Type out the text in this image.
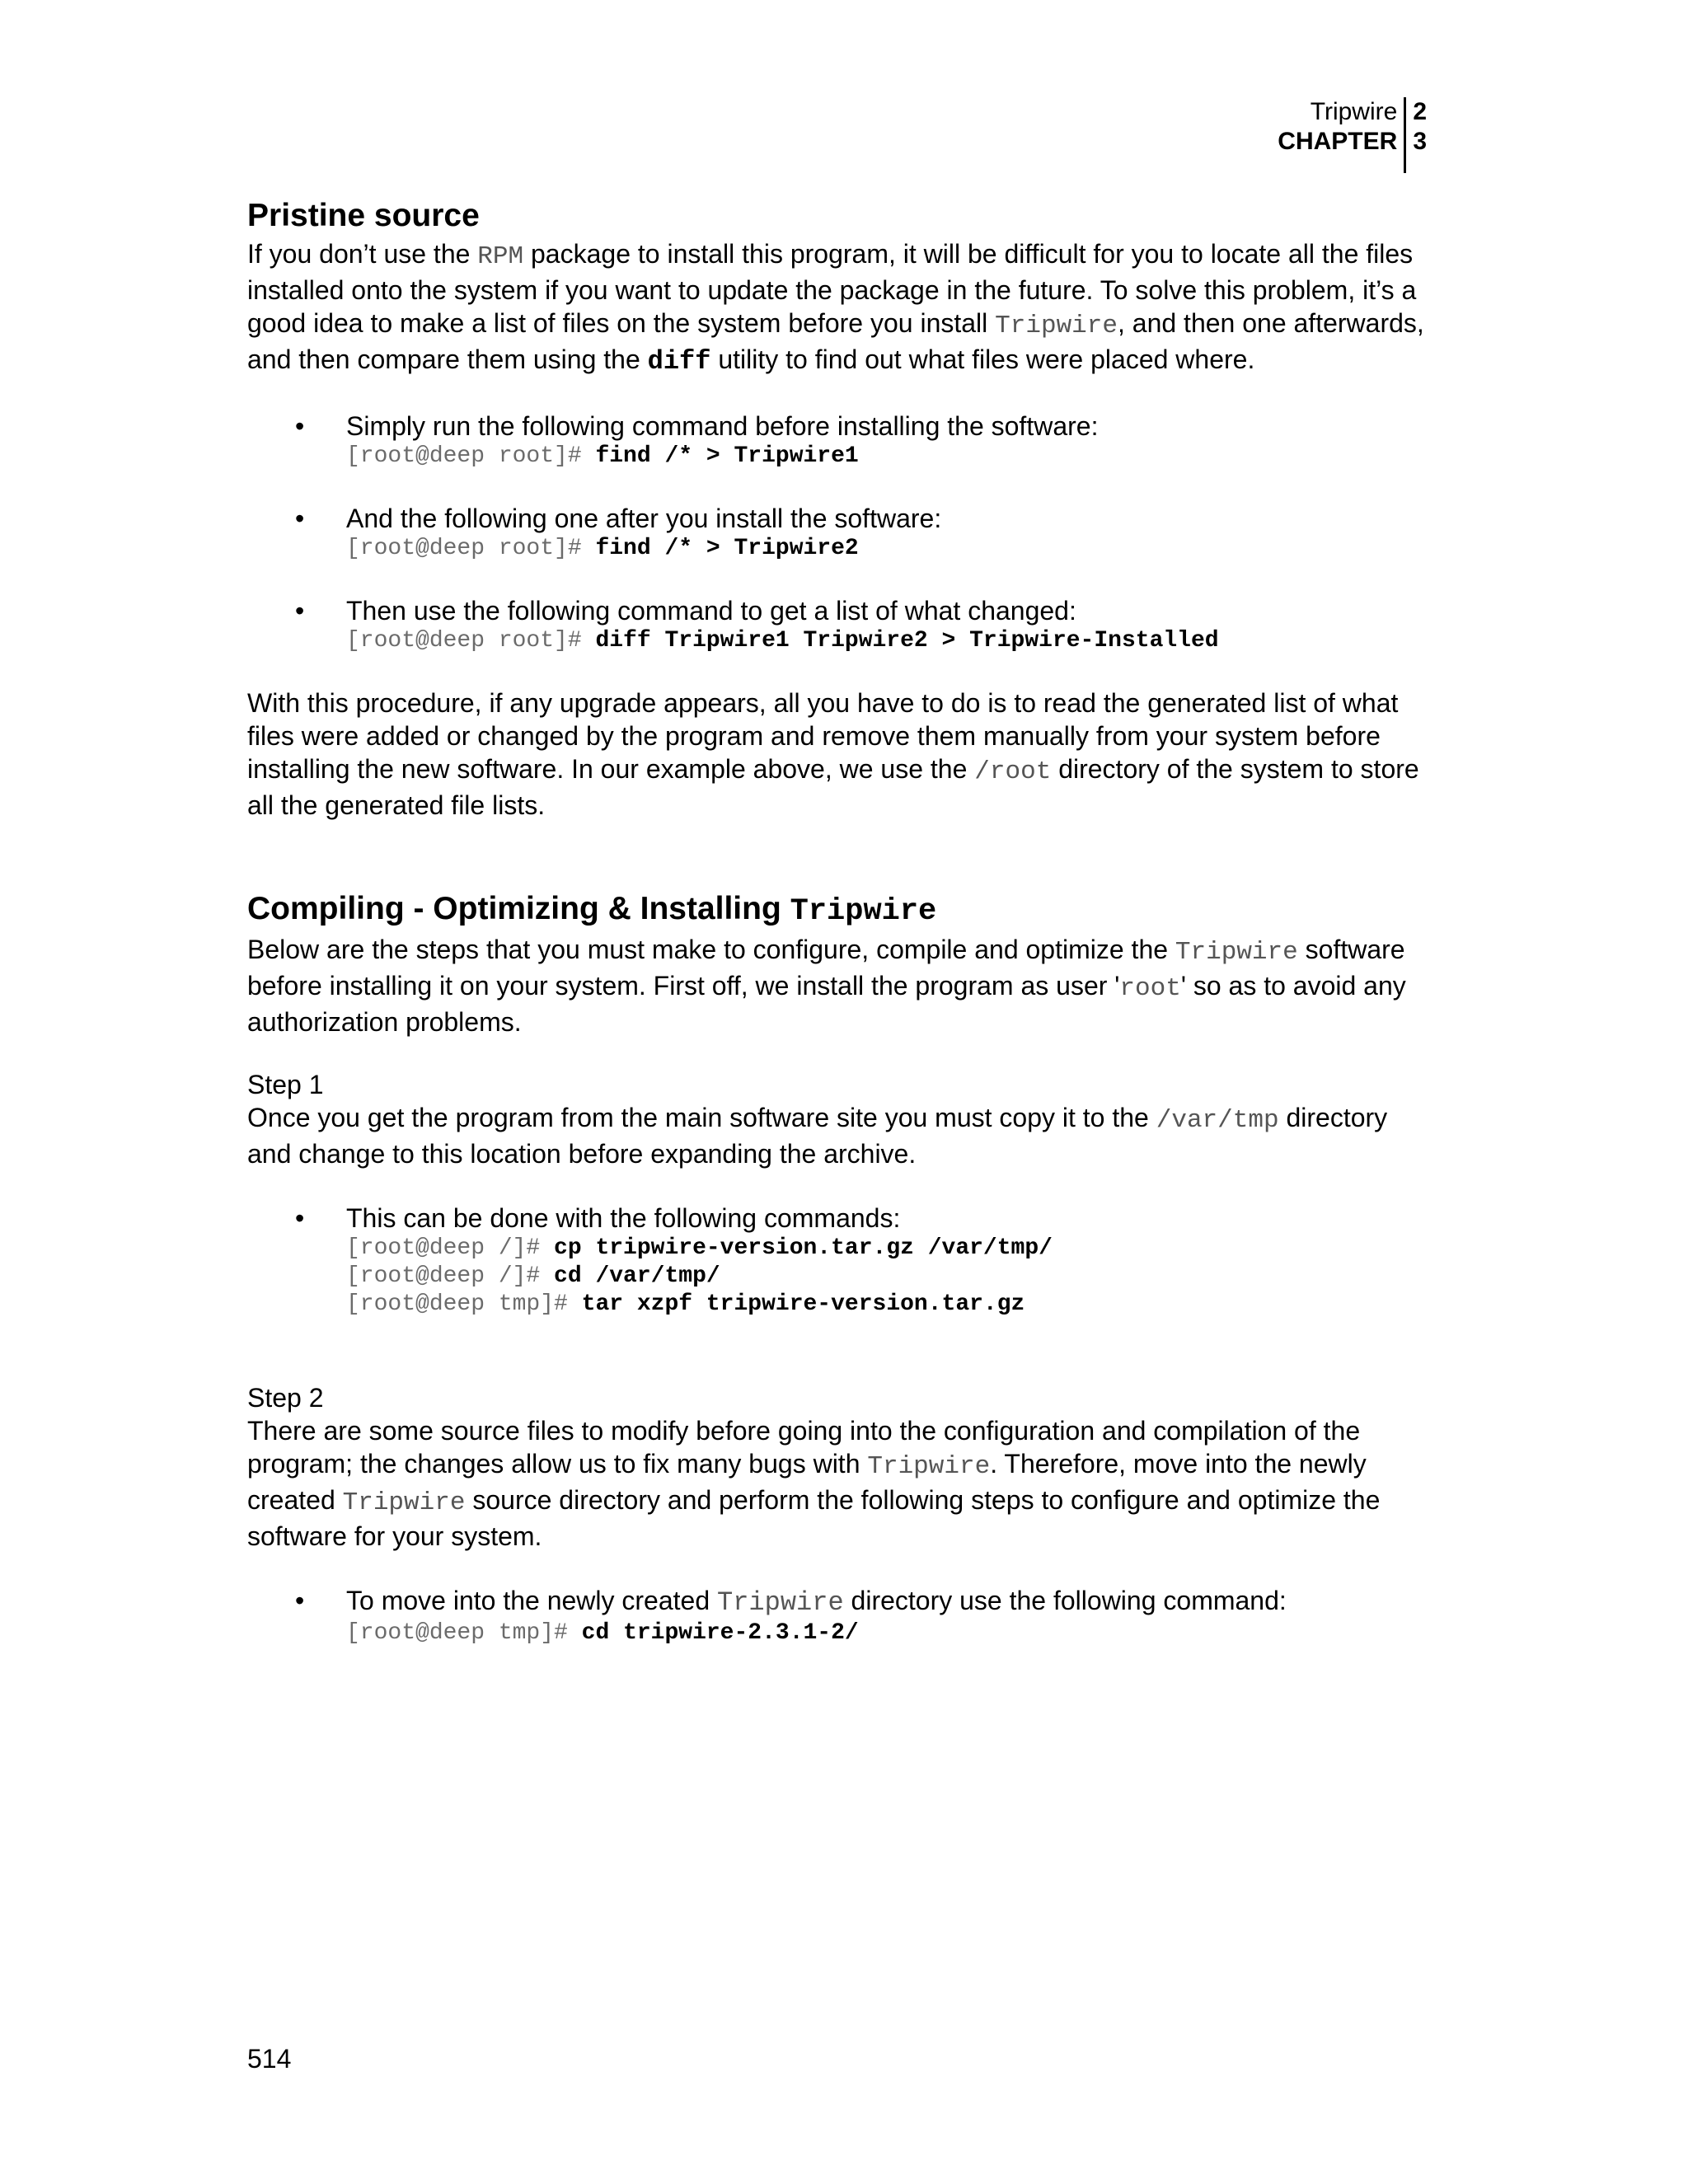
Tripwire
CHAPTER
2
3
Pristine source

If you don’t use the RPM package to install this program, it will be difficult for you to locate all the files installed onto the system if you want to update the package in the future. To solve this problem, it’s a good idea to make a list of files on the system before you install Tripwire, and then one afterwards, and then compare them using the diff utility to find out what files were placed where.

• Simply run the following command before installing the software:
[root@deep root]# find /* > Tripwire1
• And the following one after you install the software:
[root@deep root]# find /* > Tripwire2
• Then use the following command to get a list of what changed:
[root@deep root]# diff Tripwire1 Tripwire2 > Tripwire-Installed

With this procedure, if any upgrade appears, all you have to do is to read the generated list of what files were added or changed by the program and remove them manually from your system before installing the new software. In our example above, we use the /root directory of the system to store all the generated file lists.

Compiling - Optimizing & Installing Tripwire

Below are the steps that you must make to configure, compile and optimize the Tripwire software before installing it on your system. First off, we install the program as user 'root' so as to avoid any authorization problems.

Step 1

Once you get the program from the main software site you must copy it to the /var/tmp directory and change to this location before expanding the archive.

• This can be done with the following commands:
[root@deep /]# cp tripwire-version.tar.gz /var/tmp/
[root@deep /]# cd /var/tmp/
[root@deep tmp]# tar xzpf tripwire-version.tar.gz

Step 2

There are some source files to modify before going into the configuration and compilation of the program; the changes allow us to fix many bugs with Tripwire. Therefore, move into the newly created Tripwire source directory and perform the following steps to configure and optimize the software for your system.

• To move into the newly created Tripwire directory use the following command:
[root@deep tmp]# cd tripwire-2.3.1-2/
514
